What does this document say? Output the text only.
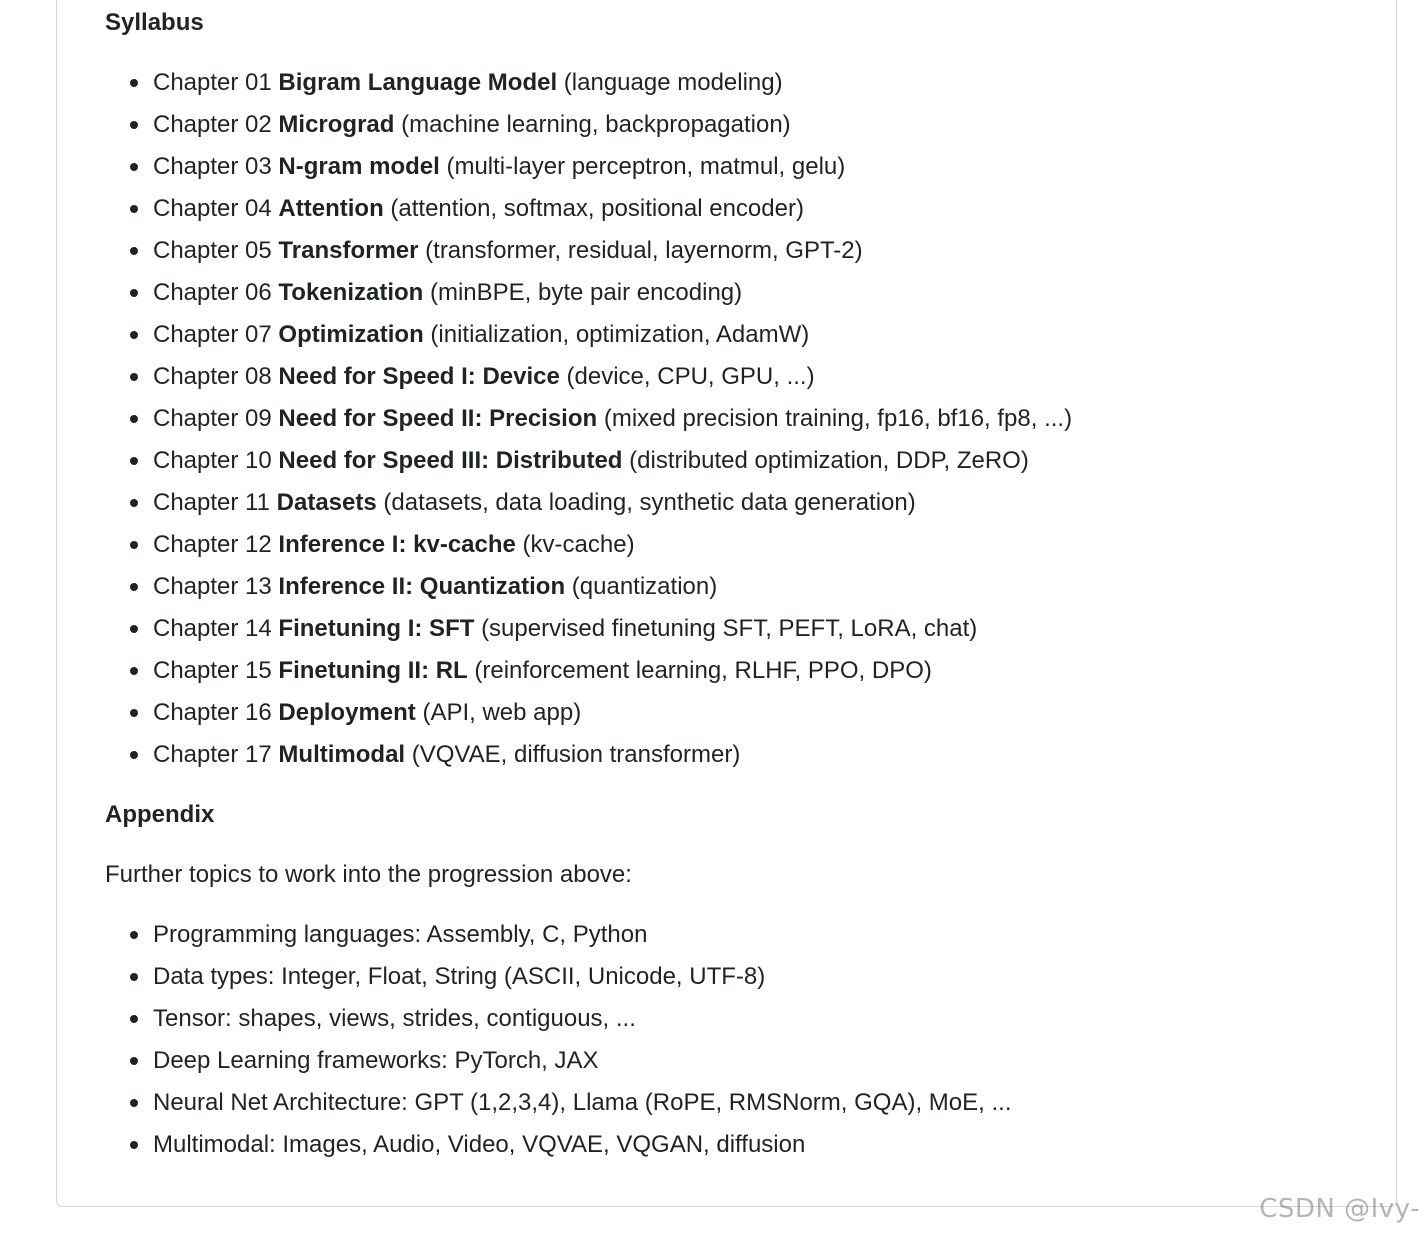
Syllabus
Chapter 01 Bigram Language Model (language modeling)
Chapter 02 Micrograd (machine learning, backpropagation)
Chapter 03 N-gram model (multi-layer perceptron, matmul, gelu)
Chapter 04 Attention (attention, softmax, positional encoder)
Chapter 05 Transformer (transformer, residual, layernorm, GPT-2)
Chapter 06 Tokenization (minBPE, byte pair encoding)
Chapter 07 Optimization (initialization, optimization, AdamW)
Chapter 08 Need for Speed I: Device (device, CPU, GPU, ...)
Chapter 09 Need for Speed II: Precision (mixed precision training, fp16, bf16, fp8, ...)
Chapter 10 Need for Speed III: Distributed (distributed optimization, DDP, ZeRO)
Chapter 11 Datasets (datasets, data loading, synthetic data generation)
Chapter 12 Inference I: kv-cache (kv-cache)
Chapter 13 Inference II: Quantization (quantization)
Chapter 14 Finetuning I: SFT (supervised finetuning SFT, PEFT, LoRA, chat)
Chapter 15 Finetuning II: RL (reinforcement learning, RLHF, PPO, DPO)
Chapter 16 Deployment (API, web app)
Chapter 17 Multimodal (VQVAE, diffusion transformer)
Appendix

Further topics to work into the progression above:

Programming languages: Assembly, C, Python
Data types: Integer, Float, String (ASCII, Unicode, UTF-8)
Tensor: shapes, views, strides, contiguous, ...
Deep Learning frameworks: PyTorch, JAX
Neural Net Architecture: GPT (1,2,3,4), Llama (RoPE, RMSNorm, GQA), MoE, ...
Multimodal: Images, Audio, Video, VQVAE, VQGAN, diffusion
CSDN @Ivy-
